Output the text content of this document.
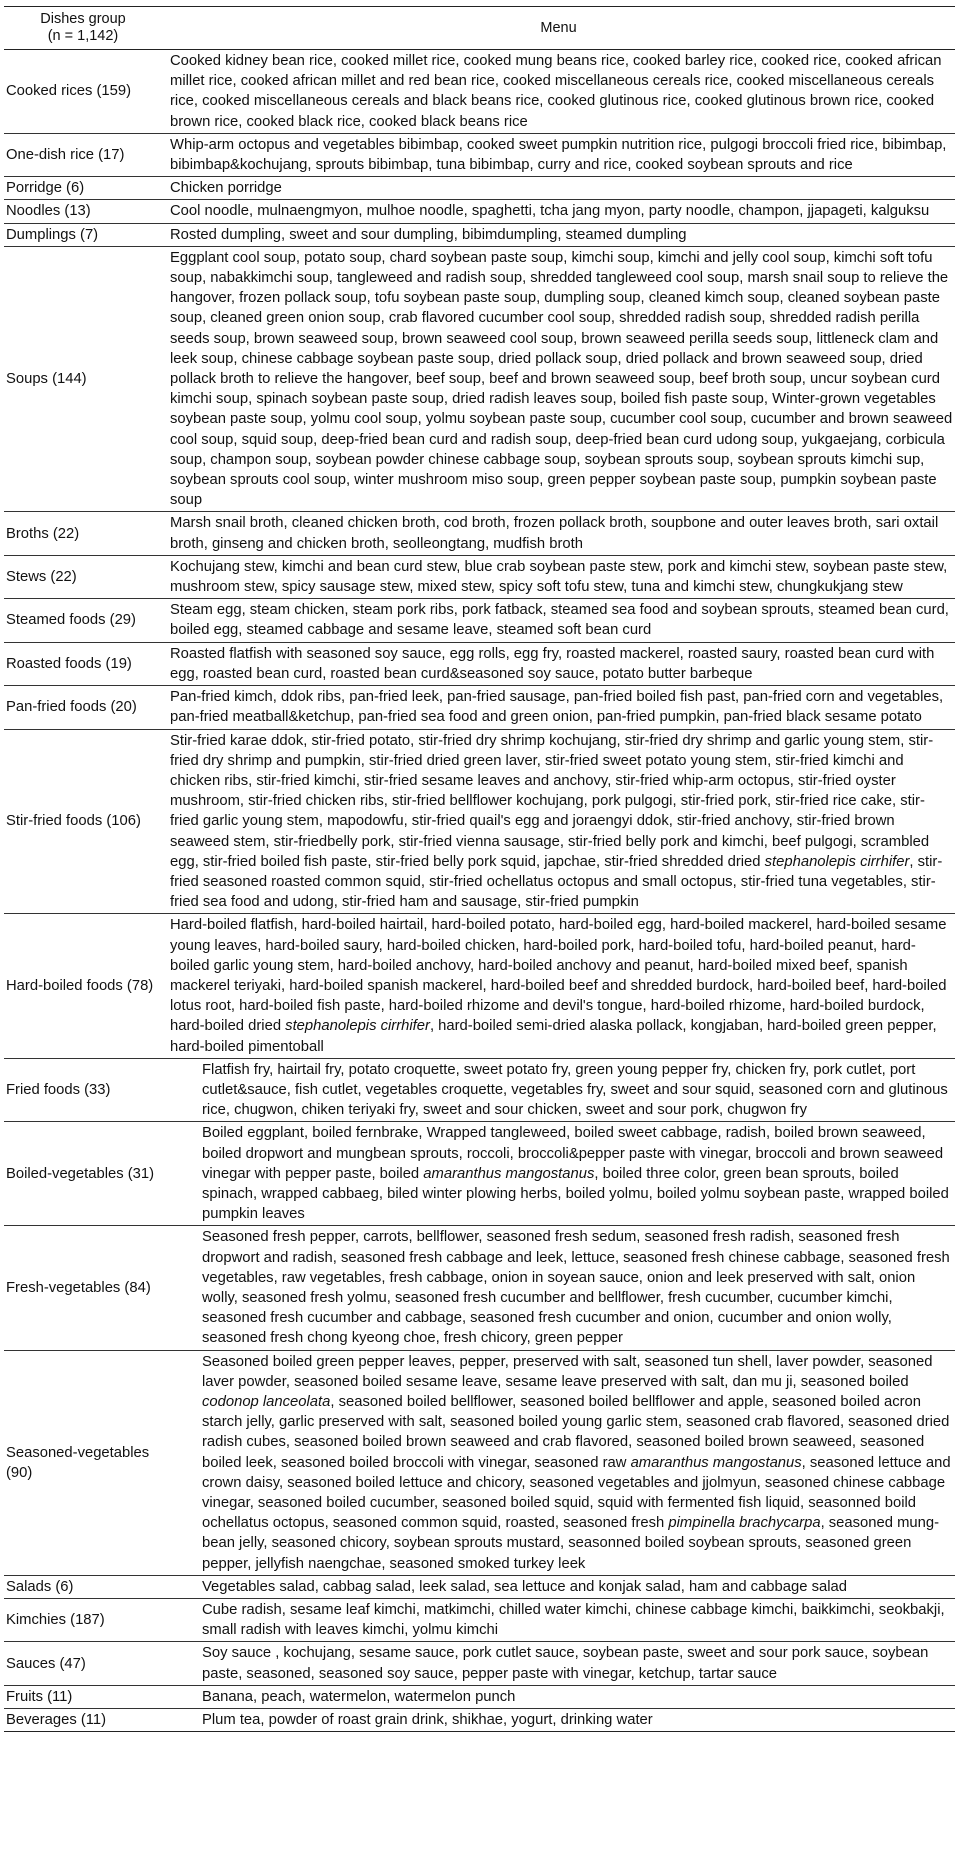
Dishes group
(n = 1,142)	Menu
Cooked rices (159)	Cooked kidney bean rice, cooked millet rice, cooked mung beans rice, cooked barley rice, cooked rice, cooked african millet rice, cooked african millet and red bean rice, cooked miscellaneous cereals rice, cooked miscellaneous cereals rice, cooked miscellaneous cereals and black beans rice, cooked glutinous rice, cooked glutinous brown rice, cooked brown rice, cooked black rice, cooked black beans rice
One-dish rice (17)	Whip-arm octopus and vegetables bibimbap, cooked sweet pumpkin nutrition rice, pulgogi broccoli fried rice, bibimbap, bibimbap&kochujang, sprouts bibimbap, tuna bibimbap, curry and rice, cooked soybean sprouts and rice
Porridge (6)	Chicken porridge
Noodles (13)	Cool noodle, mulnaengmyon, mulhoe noodle, spaghetti, tcha jang myon, party noodle, champon, jjapageti, kalguksu
Dumplings (7)	Rosted dumpling, sweet and sour dumpling, bibimdumpling, steamed dumpling
Soups (144)	Eggplant cool soup, potato soup, chard soybean paste soup, kimchi soup, kimchi and jelly cool soup, kimchi soft tofu soup, nabakkimchi soup, tangleweed and radish soup, shredded tangleweed cool soup, marsh snail soup to relieve the hangover, frozen pollack soup, tofu soybean paste soup, dumpling soup, cleaned kimch soup, cleaned soybean paste soup, cleaned green onion soup, crab flavored cucumber cool soup, shredded radish soup, shredded radish perilla seeds soup, brown seaweed soup, brown seaweed cool soup, brown seaweed perilla seeds soup, littleneck clam and leek soup, chinese cabbage soybean paste soup, dried pollack soup, dried pollack and brown seaweed soup, dried pollack broth to relieve the hangover, beef soup, beef and brown seaweed soup, beef broth soup, uncur soybean curd kimchi soup, spinach soybean paste soup, dried radish leaves soup, boiled fish paste soup, Winter-grown vegetables soybean paste soup, yolmu cool soup, yolmu soybean paste soup, cucumber cool soup, cucumber and brown seaweed cool soup, squid soup, deep-fried bean curd and radish soup, deep-fried bean curd udong soup, yukgaejang, corbicula soup, champon soup, soybean powder chinese cabbage soup, soybean sprouts soup, soybean sprouts kimchi sup, soybean sprouts cool soup, winter mushroom miso soup, green pepper soybean paste soup, pumpkin soybean paste soup
Broths (22)	Marsh snail broth, cleaned chicken broth, cod broth, frozen pollack broth, soupbone and outer leaves broth, sari oxtail broth, ginseng and chicken broth, seolleongtang, mudfish broth
Stews (22)	Kochujang stew, kimchi and bean curd stew, blue crab soybean paste stew, pork and kimchi stew, soybean paste stew, mushroom stew, spicy sausage stew, mixed stew, spicy soft tofu stew, tuna and kimchi stew, chungkukjang stew
Steamed foods (29)	Steam egg, steam chicken, steam pork ribs, pork fatback, steamed sea food and soybean sprouts, steamed bean curd, boiled egg, steamed cabbage and sesame leave, steamed soft bean curd
Roasted foods (19)	Roasted flatfish with seasoned soy sauce, egg rolls, egg fry, roasted mackerel, roasted saury, roasted bean curd with egg, roasted bean curd, roasted bean curd&seasoned soy sauce, potato butter barbeque
Pan-fried foods (20)	Pan-fried kimch, ddok ribs, pan-fried leek, pan-fried sausage, pan-fried boiled fish past, pan-fried corn and vegetables, pan-fried meatball&ketchup, pan-fried sea food and green onion, pan-fried pumpkin, pan-fried black sesame potato
Stir-fried foods (106)	Stir-fried karae ddok, stir-fried potato, stir-fried dry shrimp kochujang, stir-fried dry shrimp and garlic young stem, stir-fried dry shrimp and pumpkin, stir-fried dried green laver, stir-fried sweet potato young stem, stir-fried kimchi and chicken ribs, stir-fried kimchi, stir-fried sesame leaves and anchovy, stir-fried whip-arm octopus, stir-fried oyster mushroom, stir-fried chicken ribs, stir-fried bellflower kochujang, pork pulgogi, stir-fried pork, stir-fried rice cake, stir-fried garlic young stem, mapodowfu, stir-fried quail's egg and joraengyi ddok, stir-fried anchovy, stir-fried brown seaweed stem, stir-friedbelly pork, stir-fried vienna sausage, stir-fried belly pork and kimchi, beef pulgogi, scrambled egg, stir-fried boiled fish paste, stir-fried belly pork squid, japchae, stir-fried shredded dried stephanolepis cirrhifer, stir-fried seasoned roasted common squid, stir-fried ochellatus octopus and small octopus, stir-fried tuna vegetables, stir-fried sea food and udong, stir-fried ham and sausage, stir-fried pumpkin
Hard-boiled foods (78)	Hard-boiled flatfish, hard-boiled hairtail, hard-boiled potato, hard-boiled egg, hard-boiled mackerel, hard-boiled sesame young leaves, hard-boiled saury, hard-boiled chicken, hard-boiled pork, hard-boiled tofu, hard-boiled peanut, hard-boiled garlic young stem, hard-boiled anchovy, hard-boiled anchovy and peanut, hard-boiled mixed beef, spanish mackerel teriyaki, hard-boiled spanish mackerel, hard-boiled beef and shredded burdock, hard-boiled beef, hard-boiled lotus root, hard-boiled fish paste, hard-boiled rhizome and devil's tongue, hard-boiled rhizome, hard-boiled burdock, hard-boiled dried stephanolepis cirrhifer, hard-boiled semi-dried alaska pollack, kongjaban, hard-boiled green pepper, hard-boiled pimentoball
Fried foods (33)	Flatfish fry, hairtail fry, potato croquette, sweet potato fry, green young pepper fry, chicken fry, pork cutlet, port cutlet&sauce, fish cutlet, vegetables croquette, vegetables fry, sweet and sour squid, seasoned corn and glutinous rice, chugwon, chiken teriyaki fry, sweet and sour chicken, sweet and sour pork, chugwon fry
Boiled-vegetables (31)	Boiled eggplant, boiled fernbrake, Wrapped tangleweed, boiled sweet cabbage, radish, boiled brown seaweed, boiled dropwort and mungbean sprouts, roccoli, broccoli&pepper paste with vinegar, broccoli and brown seaweed vinegar with pepper paste, boiled amaranthus mangostanus, boiled three color, green bean sprouts, boiled spinach, wrapped cabbaeg, biled winter plowing herbs, boiled yolmu, boiled yolmu soybean paste, wrapped boiled pumpkin leaves
Fresh-vegetables (84)	Seasoned fresh pepper, carrots, bellflower, seasoned fresh sedum, seasoned fresh radish, seasoned fresh dropwort and radish, seasoned fresh cabbage and leek, lettuce, seasoned fresh chinese cabbage, seasoned fresh vegetables, raw vegetables, fresh cabbage, onion in soyean sauce, onion and leek preserved with salt, onion wolly, seasoned fresh yolmu, seasoned fresh cucumber and bellflower, fresh cucumber, cucumber kimchi, seasoned fresh cucumber and cabbage, seasoned fresh cucumber and onion, cucumber and onion wolly, seasoned fresh chong kyeong choe, fresh chicory, green pepper
Seasoned-vegetables (90)	Seasoned boiled green pepper leaves, pepper, preserved with salt, seasoned tun shell, laver powder, seasoned laver powder, seasoned boiled sesame leave, sesame leave preserved with salt, dan mu ji, seasoned boiled codonop lanceolata, seasoned boiled bellflower, seasoned boiled bellflower and apple, seasoned boiled acron starch jelly, garlic preserved with salt, seasoned boiled young garlic stem, seasoned crab flavored, seasoned dried radish cubes, seasoned boiled brown seaweed and crab flavored, seasoned boiled brown seaweed, seasoned boiled leek, seasoned boiled broccoli with vinegar, seasoned raw amaranthus mangostanus, seasoned lettuce and crown daisy, seasoned boiled lettuce and chicory, seasoned vegetables and jjolmyun, seasoned chinese cabbage vinegar, seasoned boiled cucumber, seasoned boiled squid, squid with fermented fish liquid, seasonned boild ochellatus octopus, seasoned common squid, roasted, seasoned fresh pimpinella brachycarpa, seasoned mung-bean jelly, seasoned chicory, soybean sprouts mustard, seasonned boiled soybean sprouts, seasoned green pepper, jellyfish naengchae, seasoned smoked turkey leek
Salads (6)	Vegetables salad, cabbag salad, leek salad, sea lettuce and konjak salad, ham and cabbage salad
Kimchies (187)	Cube radish, sesame leaf kimchi, matkimchi, chilled water kimchi, chinese cabbage kimchi, baikkimchi, seokbakji, small radish with leaves kimchi, yolmu kimchi
Sauces (47)	Soy sauce , kochujang, sesame sauce, pork cutlet sauce, soybean paste, sweet and sour pork sauce, soybean paste, seasoned, seasoned soy sauce, pepper paste with vinegar, ketchup, tartar sauce
Fruits (11)	Banana, peach, watermelon, watermelon punch
Beverages (11)	Plum tea, powder of roast grain drink, shikhae, yogurt, drinking water
